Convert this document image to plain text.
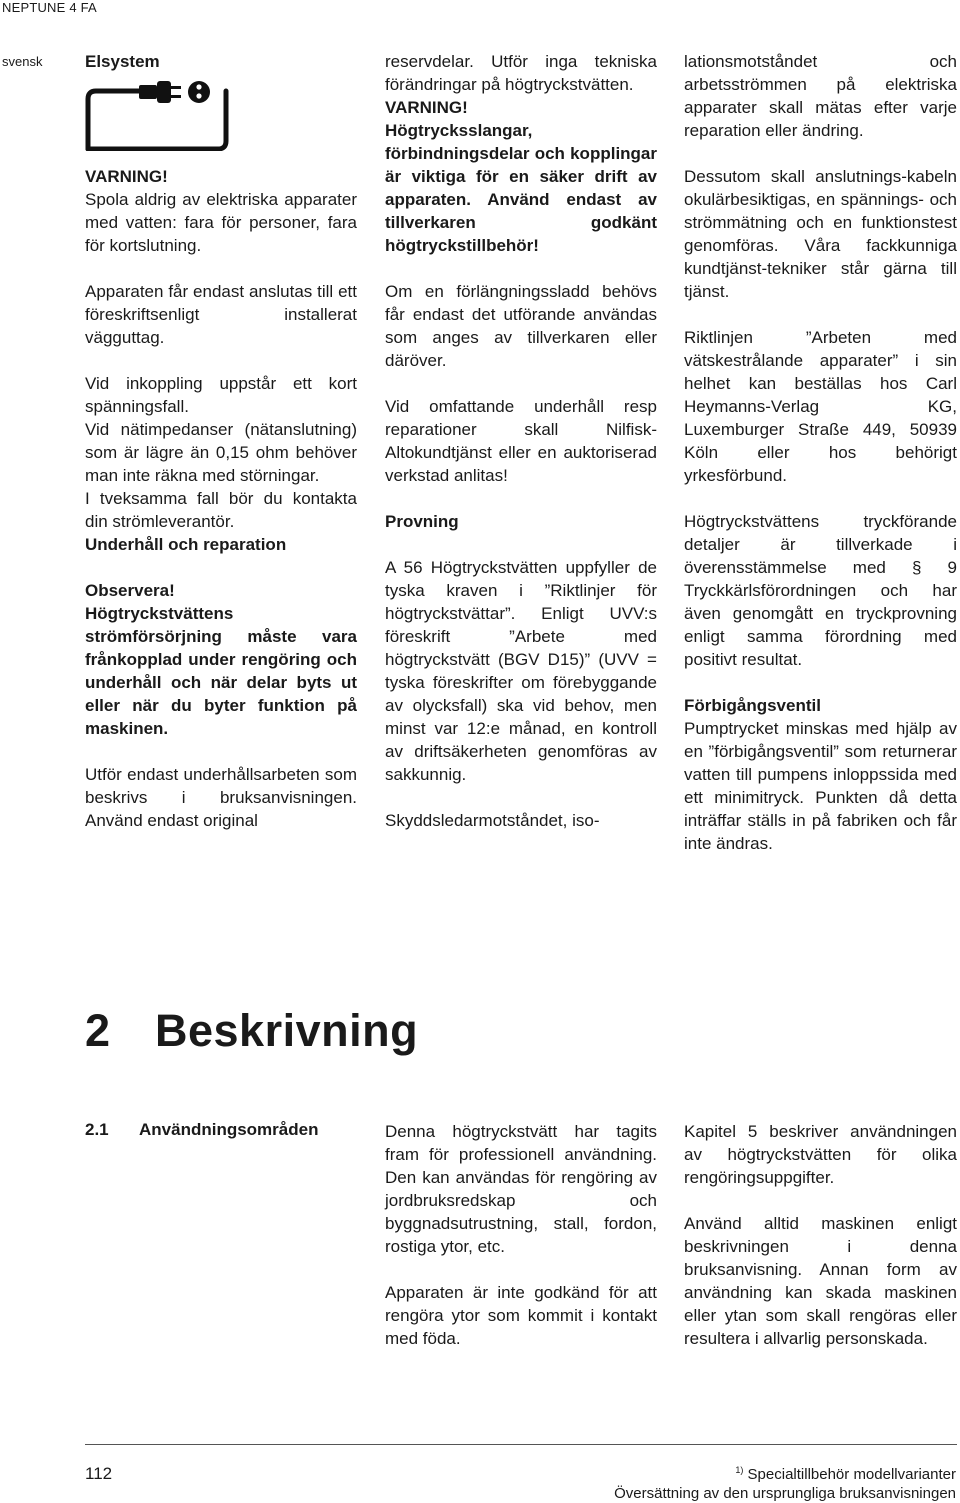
NEPTUNE 4 FA
svensk	Elsystem

VARNING!

Spola aldrig av elektriska apparater med vatten: fara för personer, fara för kortslutning.

Apparaten får endast anslutas till ett föreskriftsenligt installerat vägguttag.

Vid inkoppling uppstår ett kort spänningsfall.

Vid nätimpedanser (nätanslutning) som är lägre än 0,15 ohm behöver man inte räkna med störningar.

I tveksamma fall bör du kontakta din strömleverantör.

Underhåll och reparation

Observera!

Högtryckstvättens strömförsörjning måste vara frånkopplad under rengöring och underhåll och när delar byts ut eller när du byter funktion på maskinen.

Utför endast underhållsarbeten som beskrivs i bruksanvisningen. Använd endast original

reservdelar. Utför inga tekniska förändringar på högtryckstvätten.

VARNING!

Högtrycksslangar, förbindningsdelar och kopplingar är viktiga för en säker drift av apparaten. Använd endast av tillverkaren godkänt högtryckstillbehör!

Om en förlängningssladd behövs får endast det utförande användas som anges av tillverkaren eller däröver.

Vid omfattande underhåll resp reparationer skall Nilfisk-Altokundtjänst eller en auktoriserad verkstad anlitas!

Provning

A 56 Högtryckstvätten uppfyller de tyska kraven i ”Riktlinjer för högtryckstvättar”. Enligt UVV:s föreskrift ”Arbete med högtryckstvätt (BGV D15)” (UVV = tyska föreskrifter om förebyggande av olycksfall) ska vid behov, men minst var 12:e månad, en kontroll av driftsäkerheten genomföras av sakkunnig.

Skyddsledarmotståndet, iso-

lationsmotståndet och arbetsströmmen på elektriska apparater skall mätas efter varje reparation eller ändring.

Dessutom skall anslutnings-kabeln okulärbesiktigas, en spännings- och strömmätning och en funktionstest genomföras. Våra fackkunniga kundtjänst-tekniker står gärna till tjänst.

Riktlinjen ”Arbeten med vätskestrålande apparater” i sin helhet kan beställas hos Carl Heymanns-Verlag KG, Luxemburger Straße 449, 50939 Köln eller hos behörigt yrkesförbund.

Högtryckstvättens tryckförande detaljer är tillverkade i överensstämmelse med § 9 Tryckkärlsförordningen och har även genomgått en tryckprovning enligt samma förordning med positivt resultat.

Förbigångsventil

Pumptrycket minskas med hjälp av en ”förbigångsventil” som returnerar vatten till pumpens inloppssida med ett minimitryck. Punkten då detta inträffar ställs in på fabriken och får inte ändras.

2 Beskrivning
2.1 Användningsområden	Denna högtryckstvätt har tagits fram för professionell användning. Den kan användas för rengöring av jordbruksredskap och byggnadsutrustning, stall, fordon, rostiga ytor, etc.

Apparaten är inte godkänd för att rengöra ytor som kommit i kontakt med föda.

Kapitel 5 beskriver användningen av högtryckstvätten för olika rengöringsuppgifter.

Använd alltid maskinen enligt beskrivningen i denna bruksanvisning. Annan form av användning kan skada maskinen eller ytan som skall rengöras eller resultera i allvarlig personskada.

112	$^{1)}$ Specialtillbehör modellvarianter
Översättning av den ursprungliga bruksanvisningen
